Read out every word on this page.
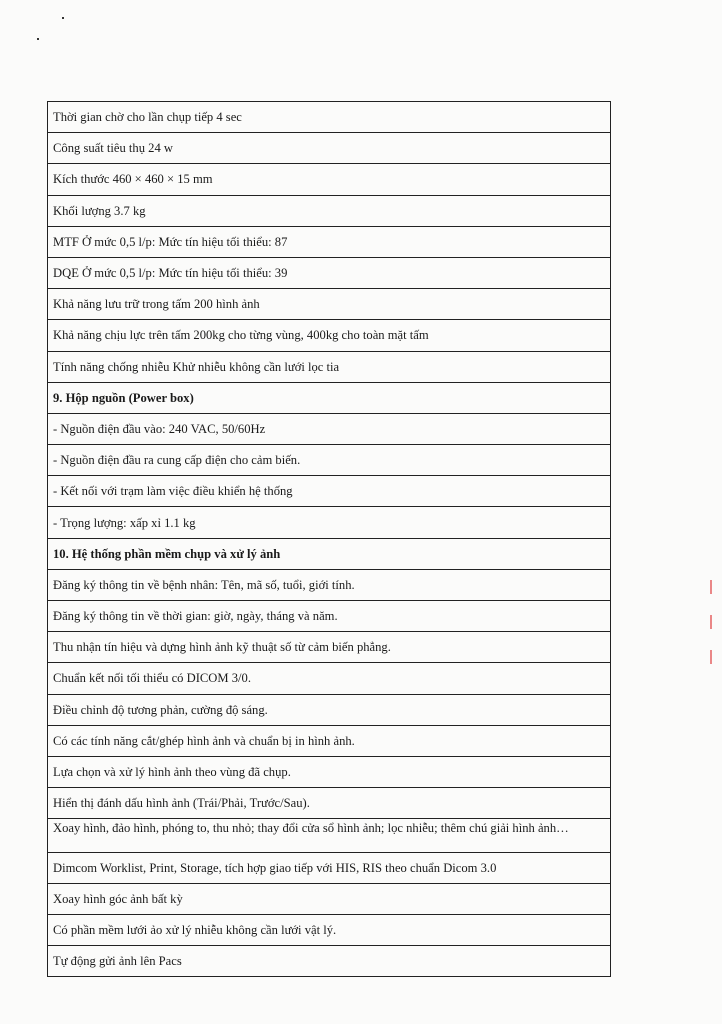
Thời gian chờ cho lần chụp tiếp 4 sec
Công suất tiêu thụ 24 w
Kích thước 460 × 460 × 15 mm
Khối lượng 3.7 kg
MTF Ở mức 0,5 l/p: Mức tín hiệu tối thiểu: 87
DQE Ở mức 0,5 l/p: Mức tín hiệu tối thiểu: 39
Khả năng lưu trữ trong tấm 200 hình ảnh
Khả năng chịu lực trên tấm 200kg cho từng vùng, 400kg cho toàn mặt tấm
Tính năng chống nhiễu Khử nhiễu không cần lưới lọc tia
9. Hộp nguồn (Power box)
- Nguồn điện đầu vào: 240 VAC, 50/60Hz
- Nguồn điện đầu ra cung cấp điện cho cảm biến.
- Kết nối với trạm làm việc điều khiển hệ thống
- Trọng lượng: xấp xỉ 1.1 kg
10. Hệ thống phần mềm chụp và xử lý ảnh
Đăng ký thông tin về bệnh nhân: Tên, mã số, tuổi, giới tính.
Đăng ký thông tin về thời gian: giờ, ngày, tháng và năm.
Thu nhận tín hiệu và dựng hình ảnh kỹ thuật số từ cảm biến phẳng.
Chuẩn kết nối tối thiểu có DICOM 3/0.
Điều chỉnh độ tương phản, cường độ sáng.
Có các tính năng cắt/ghép hình ảnh và chuẩn bị in hình ảnh.
Lựa chọn và xử lý hình ảnh theo vùng đã chụp.
Hiển thị đánh dấu hình ảnh (Trái/Phải, Trước/Sau).
Xoay hình, đảo hình, phóng to, thu nhỏ; thay đổi cửa sổ hình ảnh; lọc nhiễu; thêm chú giải hình ảnh…
Dimcom Worklist, Print, Storage, tích hợp giao tiếp với HIS, RIS theo chuẩn Dicom 3.0
Xoay hình góc ảnh bất kỳ
Có phần mềm lưới ảo xử lý nhiễu không cần lưới vật lý.
Tự động gửi ảnh lên Pacs
